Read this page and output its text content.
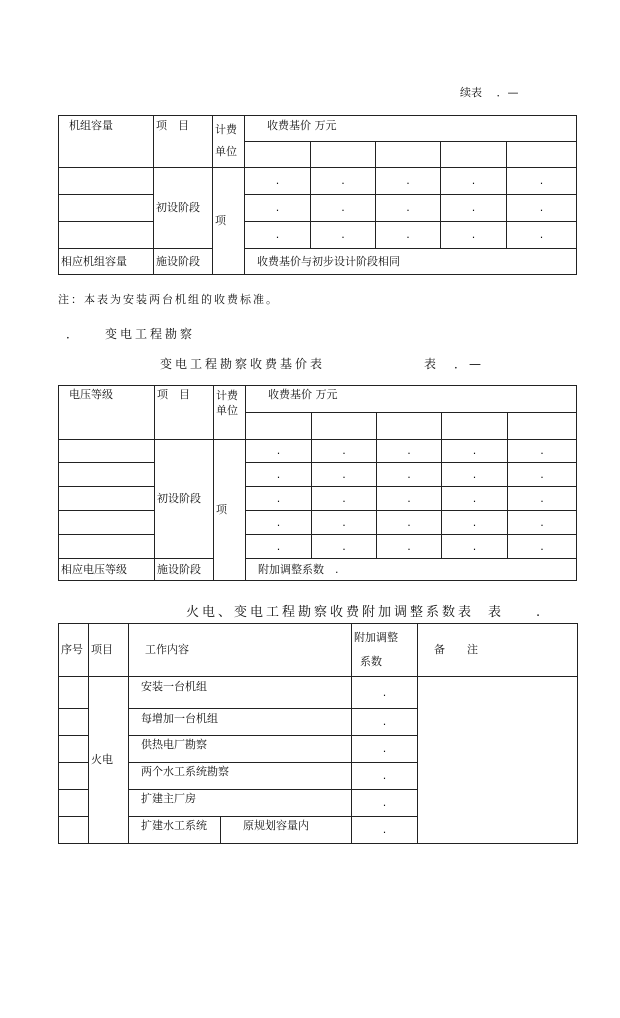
续表 　．—
机组容量	项　目	计费
单位	收费基价 万元				

	初设阶段	项	.	.	.	.	.
			.	.	.	.	.
			.	.	.	.	.
相应机组容量	施设阶段		收费基价与初步设计阶段相同				
注：本表为安装两台机组的收费标准。
．　　变电工程勘察
变电工程勘察收费基价表	表　．—
电压等级	项　目	计费
单位	收费基价 万元				

	初设阶段	项	.	.	.	.	.
			.	.	.	.	.
			.	.	.	.	.
			.	.	.	.	.
			.	.	.	.	.
相应电压等级	施设阶段		附加调整系数　.				
火电、变电工程勘察收费附加调整系数表 表　　.
序号	项目	工作内容		附加调整
系数	备　　注
	火电	安装一台机组		.	
		每增加一台机组		.	
		供热电厂勘察		.	
		两个水工系统勘察		.	
		扩建主厂房		.	
		扩建水工系统	原规划容量内	.	
